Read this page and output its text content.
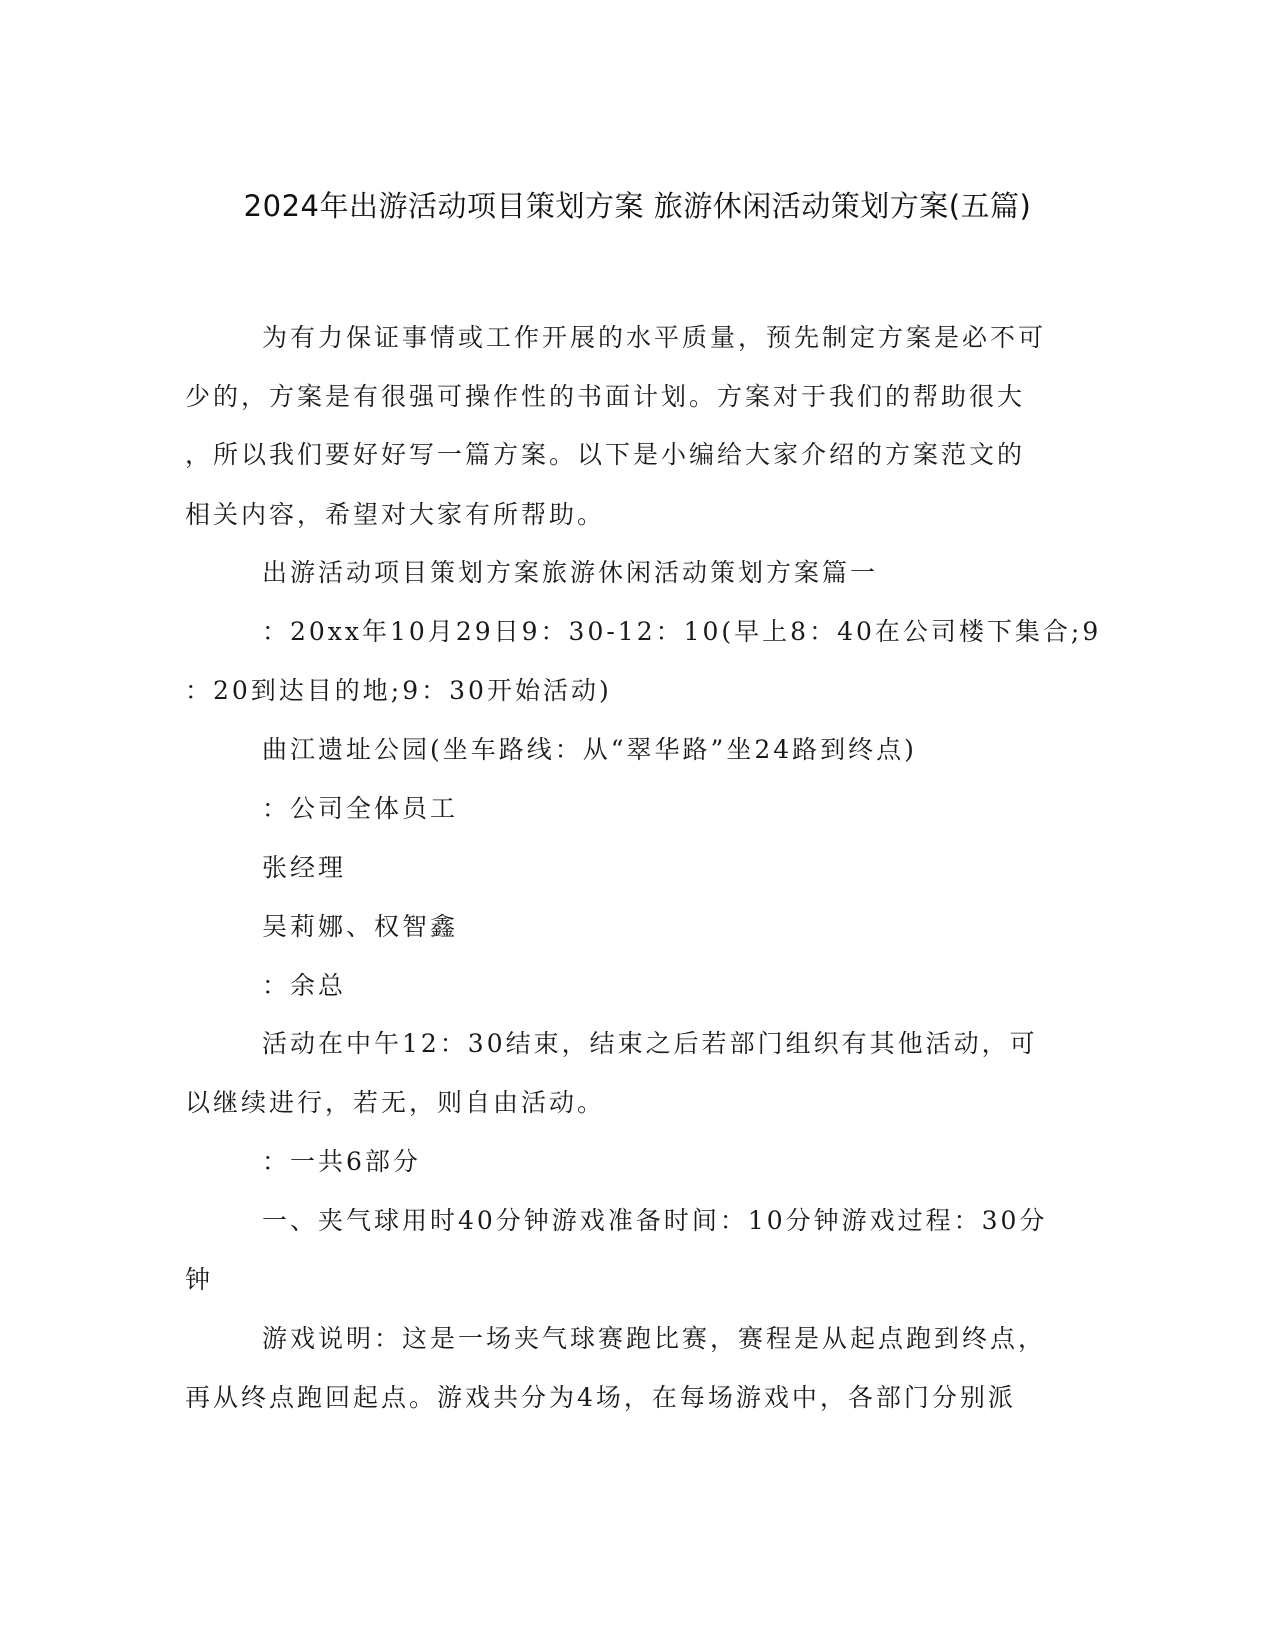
2024年出游活动项目策划方案 旅游休闲活动策划方案(五篇)
为有力保证事情或工作开展的水平质量，预先制定方案是必不可
少的，方案是有很强可操作性的书面计划。方案对于我们的帮助很大
，所以我们要好好写一篇方案。以下是小编给大家介绍的方案范文的
相关内容，希望对大家有所帮助。
出游活动项目策划方案旅游休闲活动策划方案篇一
：20xx年10月29日9：30-12：10(早上8：40在公司楼下集合;9
：20到达目的地;9：30开始活动)
曲江遗址公园(坐车路线：从“翠华路”坐24路到终点)
：公司全体员工
张经理
吴莉娜、权智鑫
：余总
活动在中午12：30结束，结束之后若部门组织有其他活动，可
以继续进行，若无，则自由活动。
：一共6部分
一、夹气球用时40分钟游戏准备时间：10分钟游戏过程：30分
钟
游戏说明：这是一场夹气球赛跑比赛，赛程是从起点跑到终点，
再从终点跑回起点。游戏共分为4场，在每场游戏中，各部门分别派
